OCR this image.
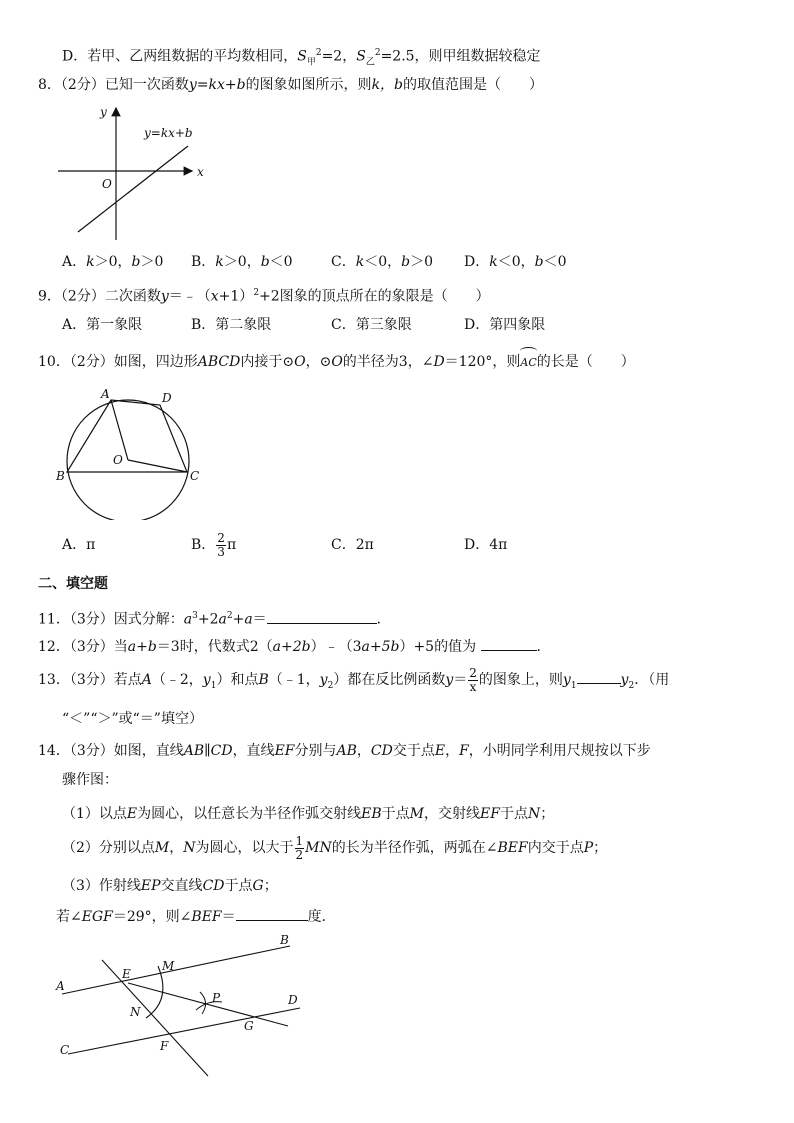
D．若甲、乙两组数据的平均数相同，$S_甲^2=2$，$S_乙^2=2.5$，则甲组数据较稳定
8．（2分）已知一次函数y=kx+b的图象如图所示，则k，b的取值范围是（　　）
y
x
O
y=kx+b
A．k＞0，b＞0 B．k＞0，b＜0	C．k＜0，b＞0 D．k＜0，b＜0
9．（2分）二次函数$y=﹣(x+1)^2+2$图象的顶点所在的象限是（　　）
A．第一象限	B．第二象限	C．第三象限	D．第四象限
10．（2分）如图，四边形ABCD内接于⊙O，⊙O的半径为3，∠D＝120°，则AC的长是（　　）
A	D
B	C
O
A．π	B． $\frac{2}{3}$ π	C．2π	D．4π
二、填空题
11．（3分）因式分解：$a^3+2a^2+a=$	．
12．（3分）当a+b＝3时，代数式2（a+2b）﹣（3a+5b）+5的值为	．
13．（3分）若点A（﹣2，$y_1$）和点B（﹣1，$y_2$）都在反比例函数$y= \frac{2}{x}$ 的图象上，则$y_1$	$y_2$．（用
“＜”“＞”或“＝”填空）
14．（3分）如图，直线AB∥CD，直线EF分别与AB，CD交于点E，F，小明同学利用尺规按以下步
骤作图：
（1）以点E为圆心，以任意长为半径作弧交射线EB于点M，交射线EF于点N；
（2）分别以点M，N为圆心，以大于 $\frac{1}{2}$ MN的长为半径作弧，两弧在∠BEF内交于点P；
（3）作射线EP交直线CD于点G；
若∠EGF＝29°，则∠BEF＝	度．
A
B
C
D
E
F
G
M
N
P
